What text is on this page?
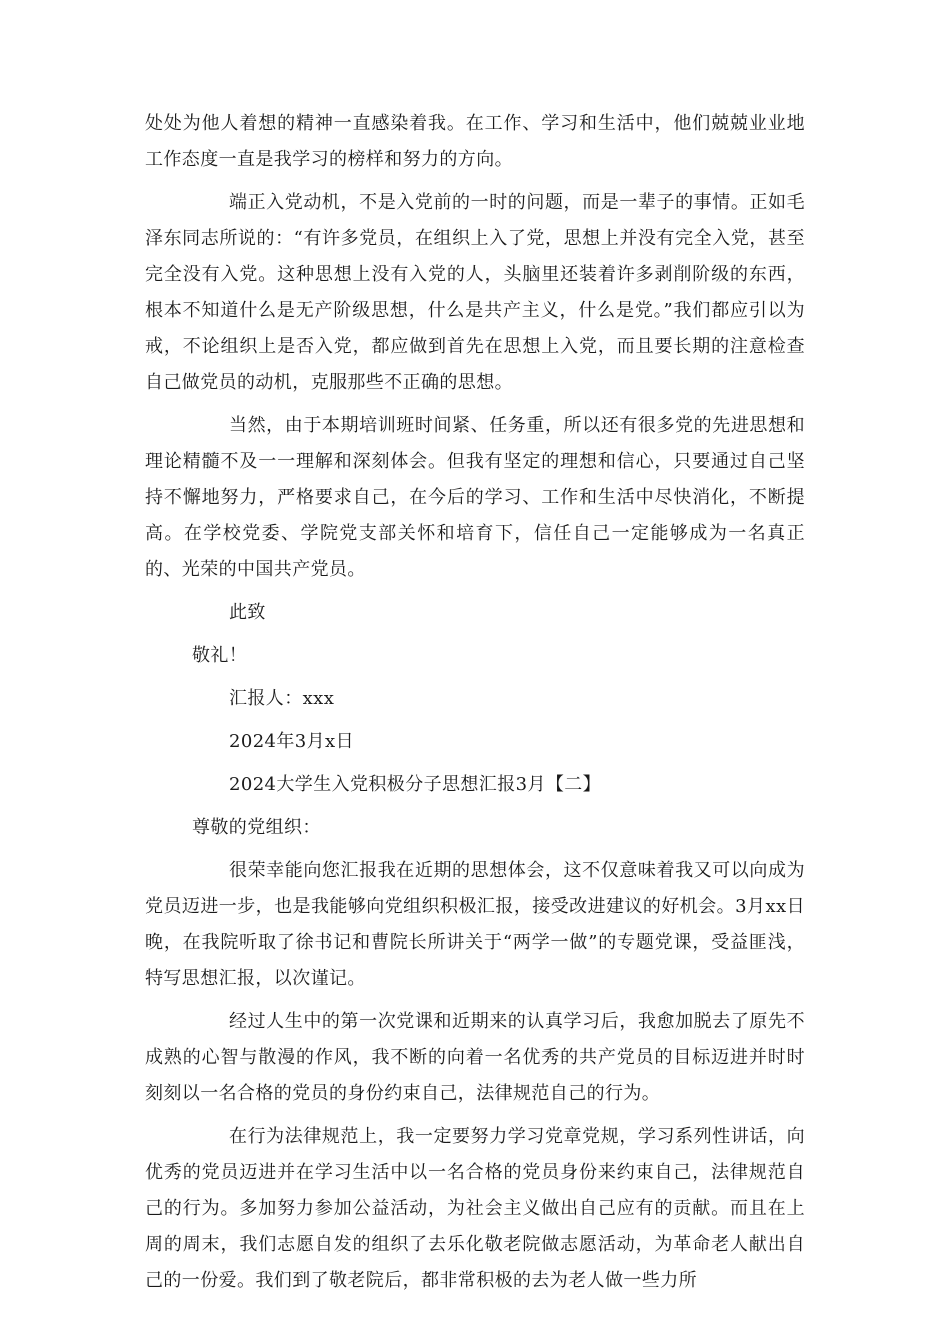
处处为他人着想的精神一直感染着我。在工作、学习和生活中，他们兢兢业业地工作态度一直是我学习的榜样和努力的方向。

端正入党动机，不是入党前的一时的问题，而是一辈子的事情。正如毛泽东同志所说的：“有许多党员，在组织上入了党，思想上并没有完全入党，甚至完全没有入党。这种思想上没有入党的人，头脑里还装着许多剥削阶级的东西，根本不知道什么是无产阶级思想，什么是共产主义，什么是党。”我们都应引以为戒，不论组织上是否入党，都应做到首先在思想上入党，而且要长期的注意检查自己做党员的动机，克服那些不正确的思想。

当然，由于本期培训班时间紧、任务重，所以还有很多党的先进思想和理论精髓不及一一理解和深刻体会。但我有坚定的理想和信心，只要通过自己坚持不懈地努力，严格要求自己，在今后的学习、工作和生活中尽快消化，不断提高。在学校党委、学院党支部关怀和培育下，信任自己一定能够成为一名真正的、光荣的中国共产党员。

此致

敬礼！

汇报人：xxx

2024年3月x日

2024大学生入党积极分子思想汇报3月【二】

尊敬的党组织：

很荣幸能向您汇报我在近期的思想体会，这不仅意味着我又可以向成为党员迈进一步，也是我能够向党组织积极汇报，接受改进建议的好机会。3月xx日晚，在我院听取了徐书记和曹院长所讲关于“两学一做”的专题党课，受益匪浅，特写思想汇报，以次谨记。

经过人生中的第一次党课和近期来的认真学习后，我愈加脱去了原先不成熟的心智与散漫的作风，我不断的向着一名优秀的共产党员的目标迈进并时时刻刻以一名合格的党员的身份约束自己，法律规范自己的行为。

在行为法律规范上，我一定要努力学习党章党规，学习系列性讲话，向优秀的党员迈进并在学习生活中以一名合格的党员身份来约束自己，法律规范自己的行为。多加努力参加公益活动，为社会主义做出自己应有的贡献。而且在上周的周末，我们志愿自发的组织了去乐化敬老院做志愿活动，为革命老人献出自己的一份爱。我们到了敬老院后，都非常积极的去为老人做一些力所
